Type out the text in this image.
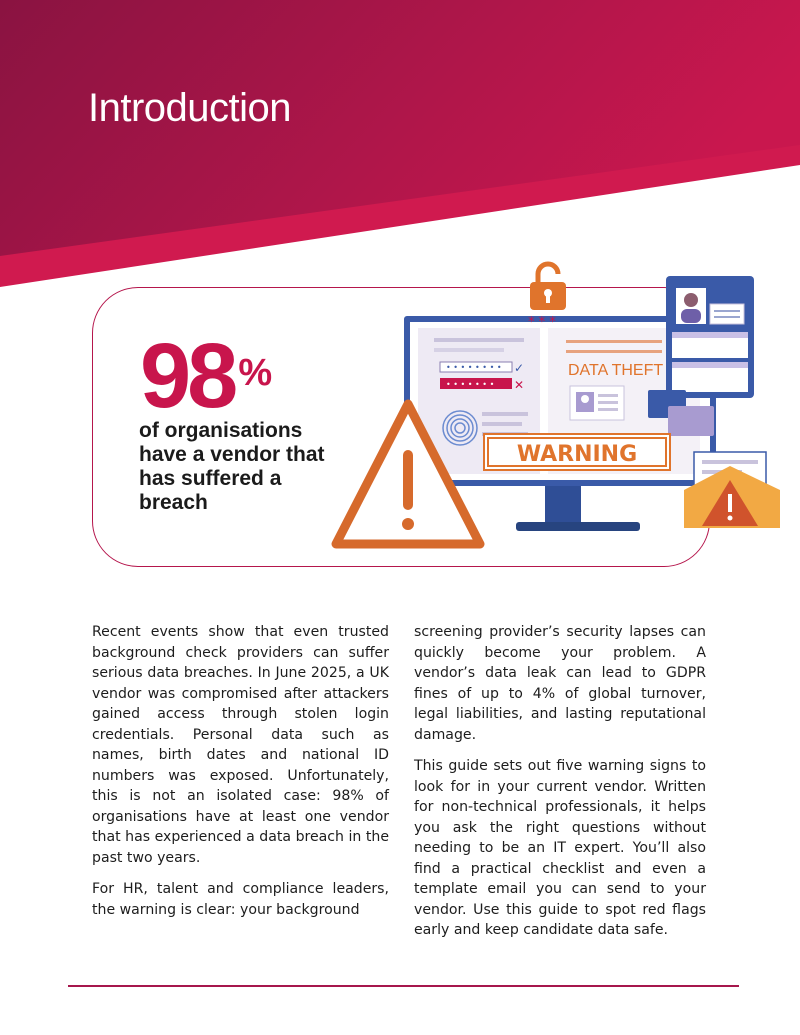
Introduction
98 %

of organisations have a vendor that has suffered a breach

• • • • • • • • ✓
• • • • • • • ✕
DATA THEFT
* * *
WARNING

Recent events show that even trusted background check providers can suffer serious data breaches. In June 2025, a UK vendor was compromised after attackers gained access through stolen login credentials. Personal data such as names, birth dates and national ID numbers was exposed. Unfortunately, this is not an isolated case: 98% of organisations have at least one vendor that has experienced a data breach in the past two years.

For HR, talent and compliance leaders, the warning is clear: your background

screening provider’s security lapses can quickly become your problem. A vendor’s data leak can lead to GDPR fines of up to 4% of global turnover, legal liabilities, and lasting reputational damage.

This guide sets out five warning signs to look for in your current vendor. Written for non-technical professionals, it helps you ask the right questions without needing to be an IT expert. You’ll also find a practical checklist and even a template email you can send to your vendor. Use this guide to spot red flags early and keep candidate data safe.
